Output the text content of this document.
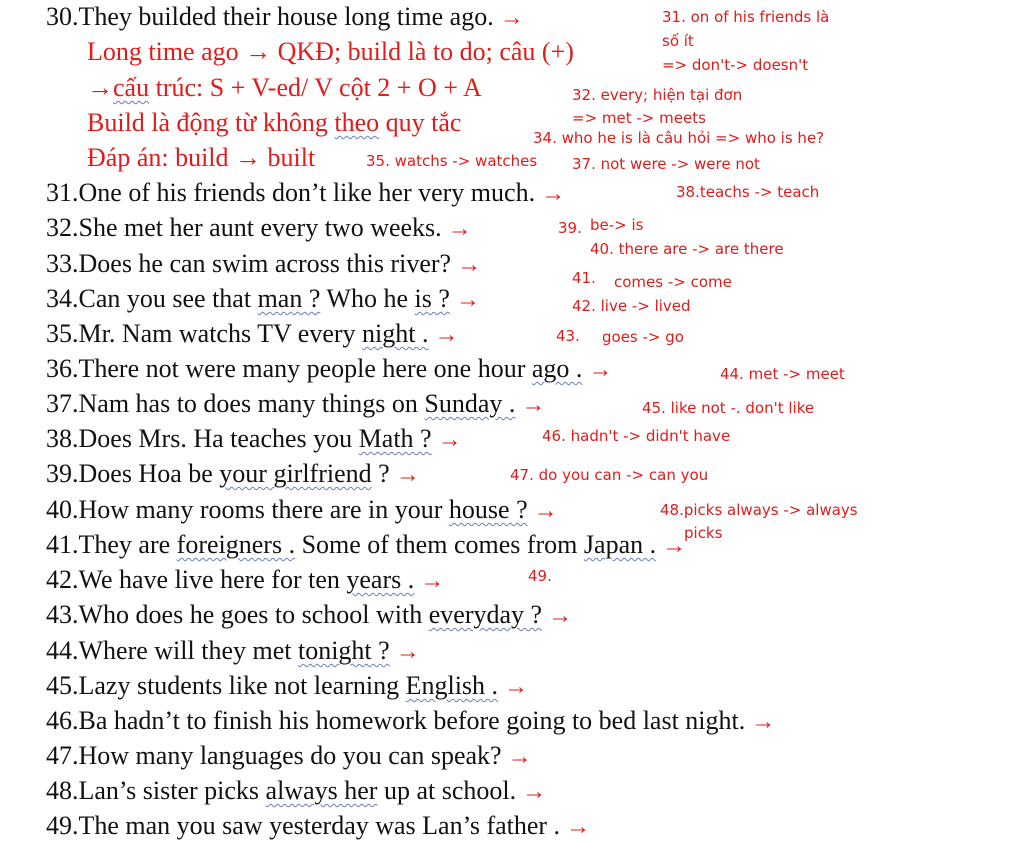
30.They builded their house long time ago. →
Long time ago → QKĐ; build là to do; câu (+)
→cấu trúc: S + V-ed/ V cột 2 + O + A
Build là động từ không theo quy tắc
Đáp án: build → built
31.One of his friends don’t like her very much. →
32.She met her aunt every two weeks. →
33.Does he can swim across this river? →
34.Can you see that man ? Who he is ? →
35.Mr. Nam watchs TV every night . →
36.There not were many people here one hour ago . →
37.Nam has to does many things on Sunday . →
38.Does Mrs. Ha teaches you Math ? →
39.Does Hoa be your girlfriend ? →
40.How many rooms there are in your house ? →
41.They are foreigners . Some of them comes from Japan . →
42.We have live here for ten years . →
43.Who does he goes to school with everyday ? →
44.Where will they met tonight ? →
45.Lazy students like not learning English . →
46.Ba hadn’t to finish his homework before going to bed last night. →
47.How many languages do you can speak? →
48.Lan’s sister picks always her up at school. →
49.The man you saw yesterday was Lan’s father . →
31. on of his friends là
số ít
=> don't-> doesn't
32. every; hiện tại đơn
=> met -> meets
34. who he is là câu hỏi => who is he?
35. watchs -> watches 37. not were -> were not
38.teachs -> teach
39. be-> is
40. there are -> are there
41. comes -> come
42. live -> lived
43. goes -> go
44. met -> meet
45. like not -. don't like
46. hadn't -> didn't have
47. do you can -> can you
48.picks always -> always
picks
49.
